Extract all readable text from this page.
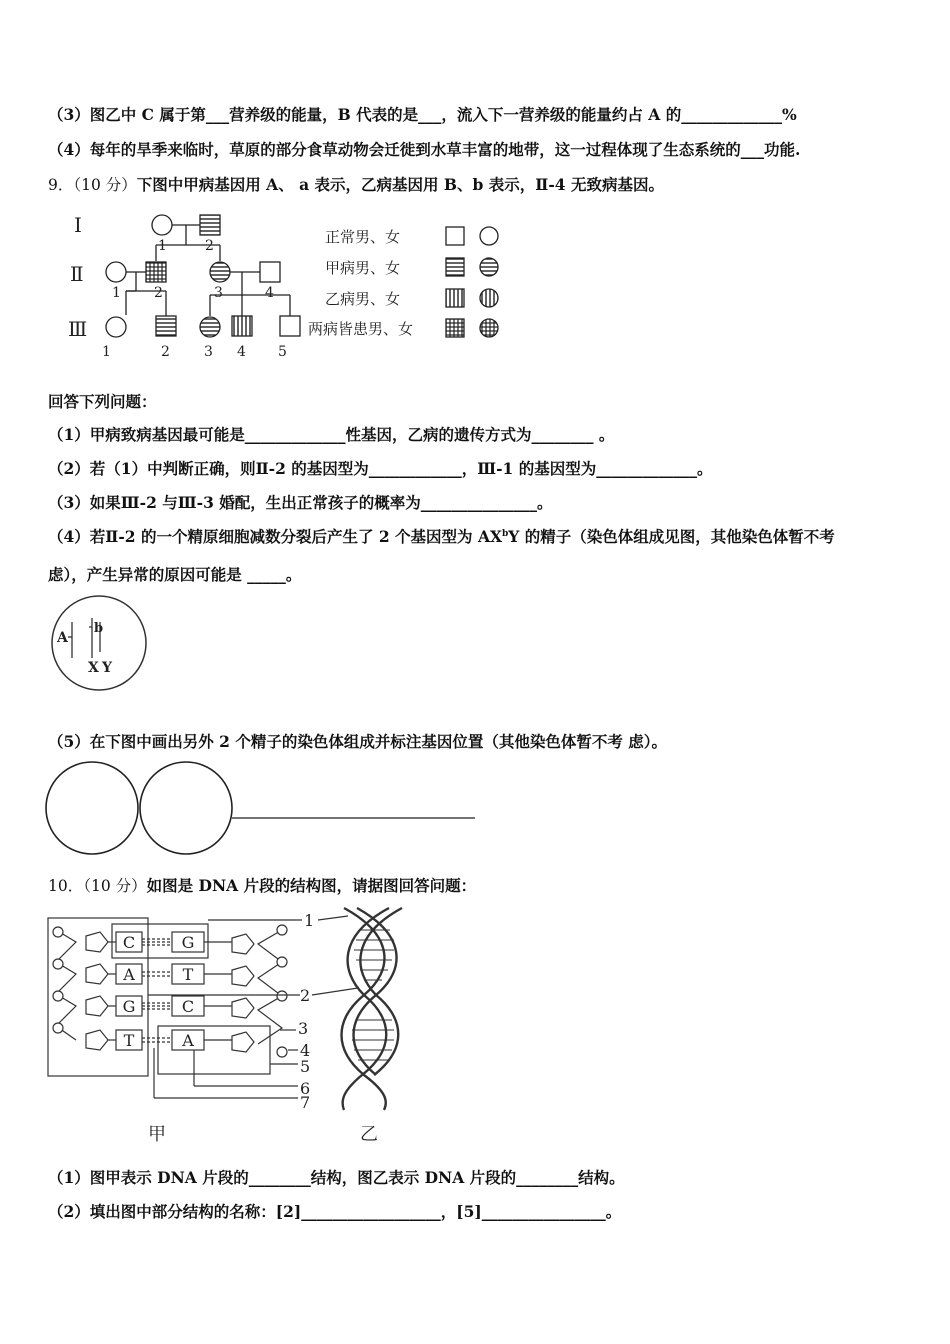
（3）图乙中 C 属于第___营养级的能量，B 代表的是___，流入下一营养级的能量约占 A 的_____________%
（4）每年的旱季来临时，草原的部分食草动物会迁徙到水草丰富的地带，这一过程体现了生态系统的___功能.
9．（10 分）下图中甲病基因用 A、 a 表示，乙病基因用 B、b 表示，Ⅱ-4 无致病基因。
Ⅰ
Ⅱ
Ⅲ
1	2
1 2	3	4
1	2 3 4 5
正常男、女
甲病男、女
乙病男、女
两病皆患男、女
回答下列问题：
（1）甲病致病基因最可能是_____________性基因，乙病的遗传方式为________ 。
（2）若（1）中判断正确，则Ⅱ-2 的基因型为____________，Ⅲ-1 的基因型为_____________。
（3）如果Ⅲ-2 与Ⅲ-3 婚配，生出正常孩子的概率为_______________。
（4）若Ⅱ-2 的一个精原细胞减数分裂后产生了 2 个基因型为 $AX^bY$ 的精子（染色体组成见图，其他染色体暂不考
虑），产生异常的原因可能是 _____。
A
b
X Y
（5）在下图中画出另外 2 个精子的染色体组成并标注基因位置（其他染色体暂不考 虑）。
10．（10 分）如图是 DNA 片段的结构图，请据图回答问题：
C
A
G
T
G
T
C
A
1
2
3
4
5
6
7
甲	乙
（1）图甲表示 DNA 片段的________结构，图乙表示 DNA 片段的________结构。
（2）填出图中部分结构的名称：[2]__________________，[5]________________。
